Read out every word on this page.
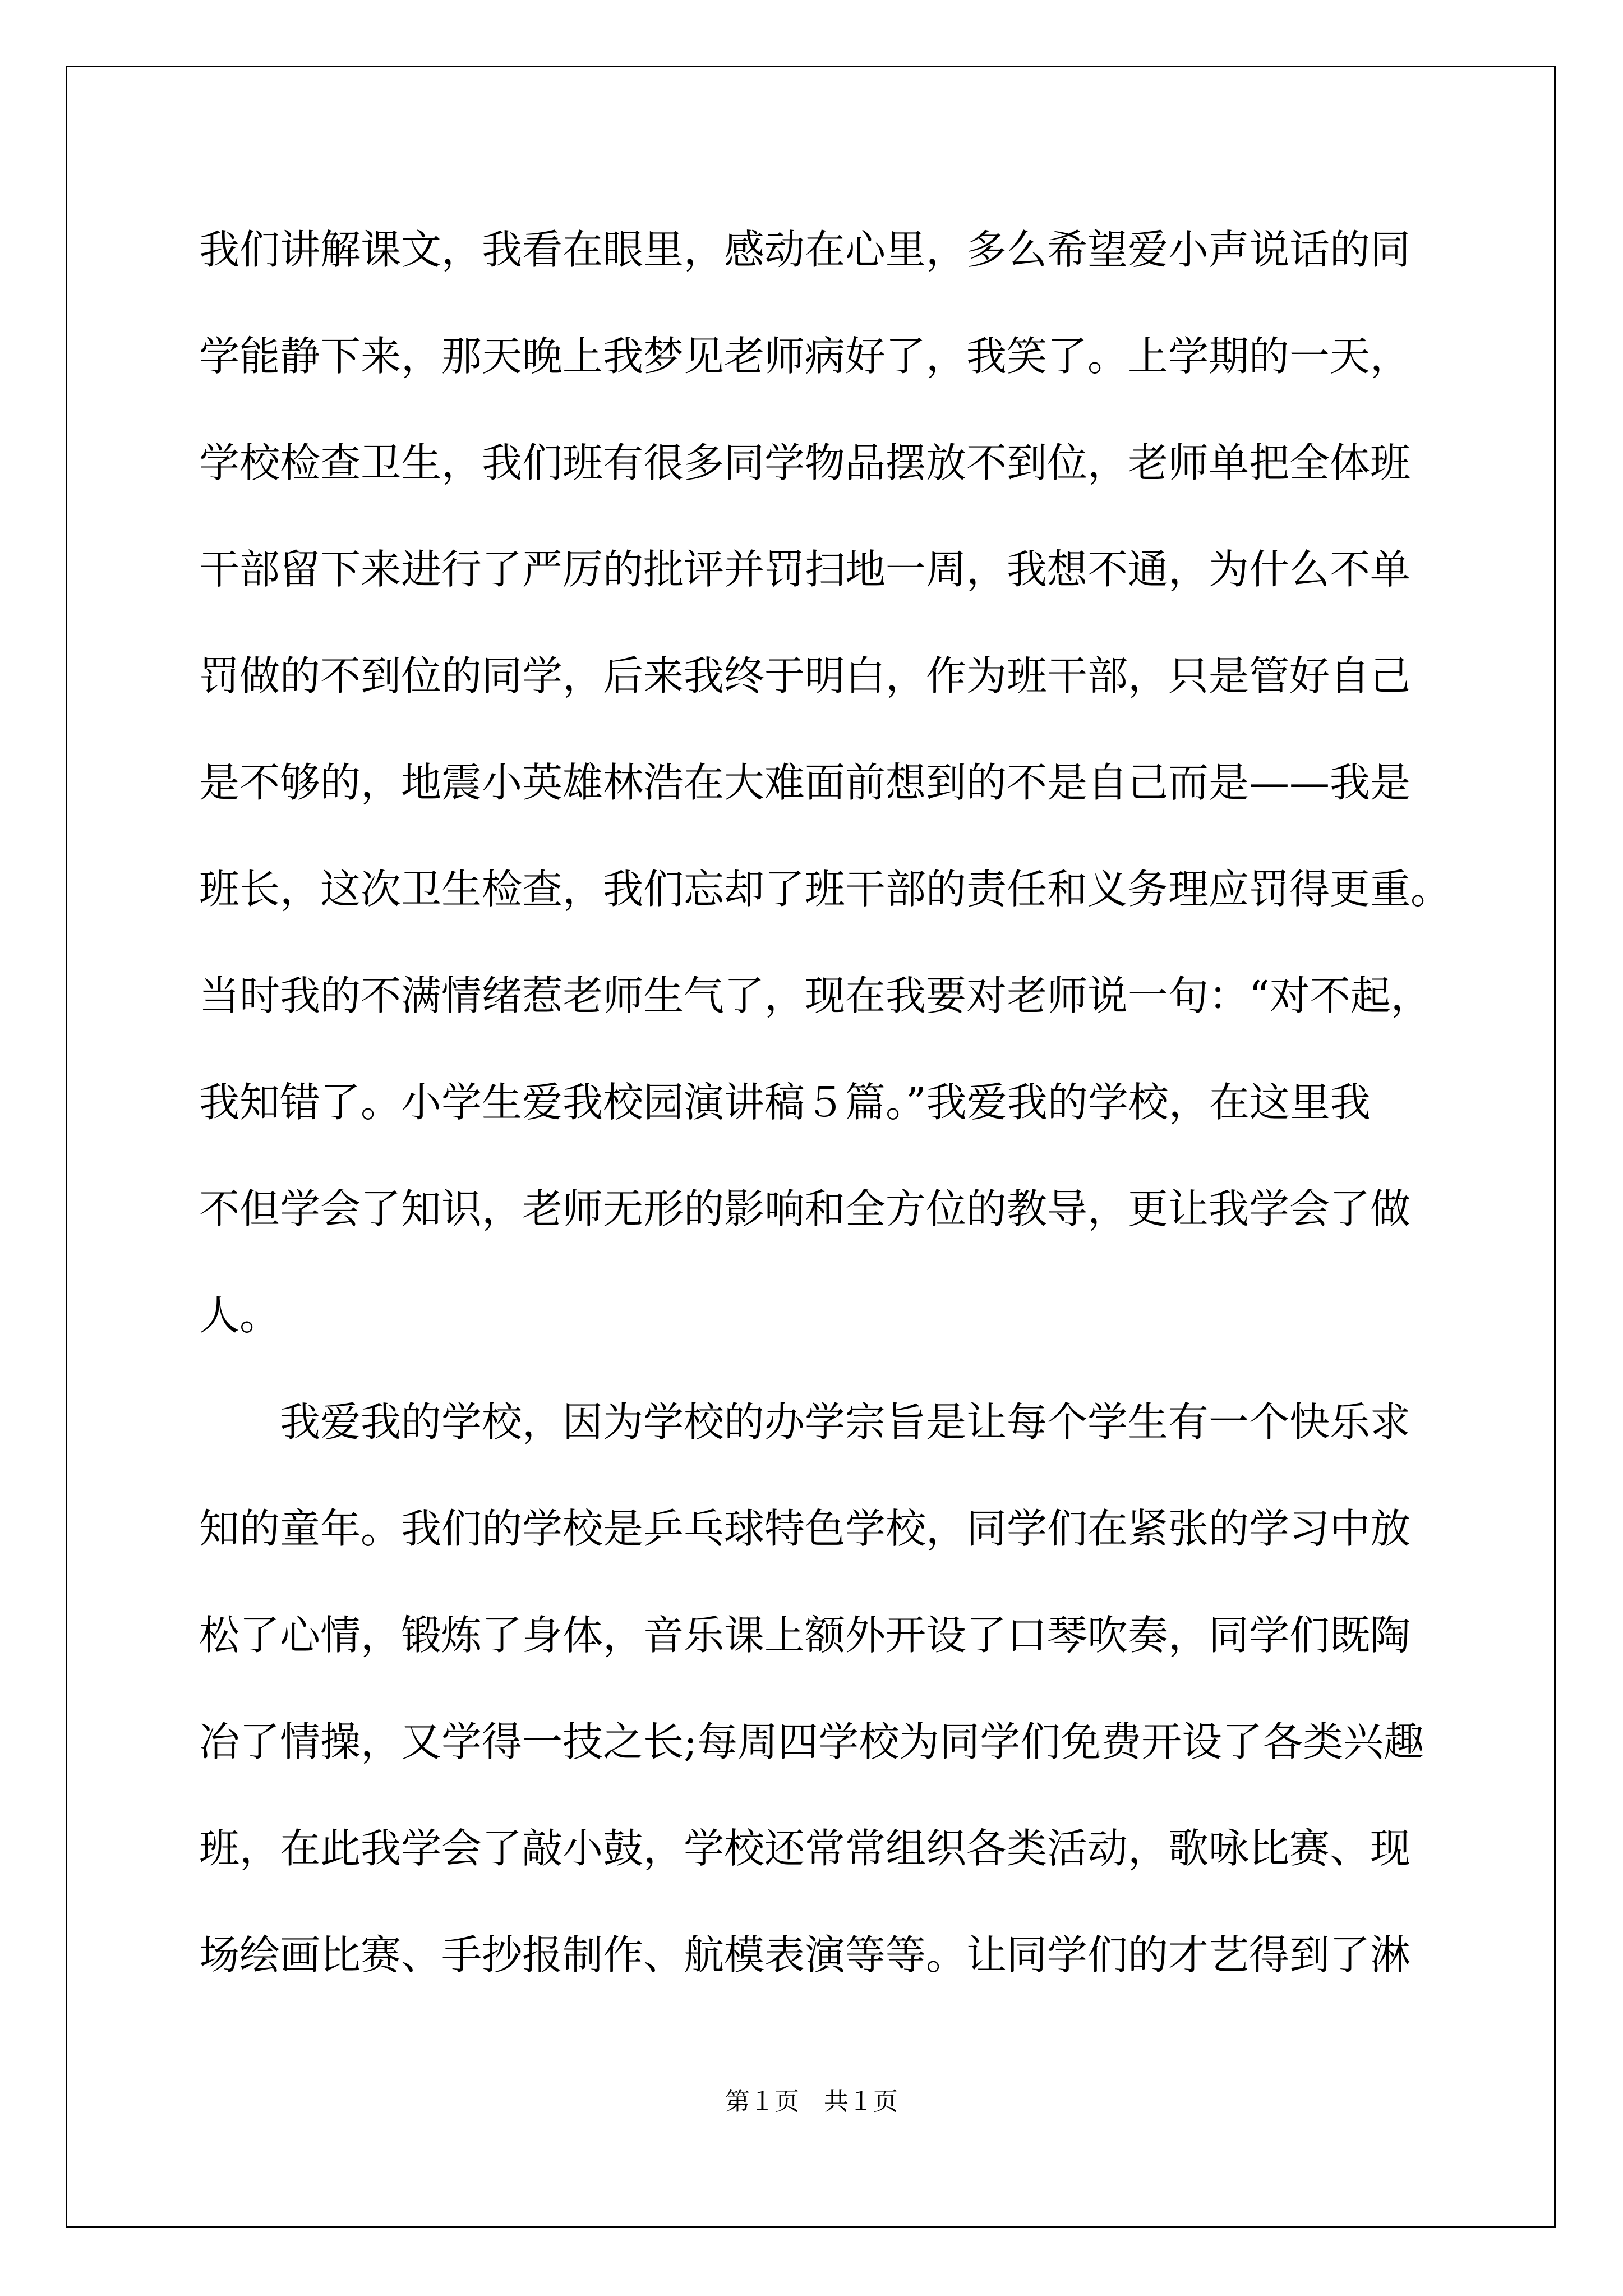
我们讲解课文，我看在眼里，感动在心里，多么希望爱小声说话的同
学能静下来，那天晚上我梦见老师病好了，我笑了。上学期的一天，
学校检查卫生，我们班有很多同学物品摆放不到位，老师单把全体班
干部留下来进行了严厉的批评并罚扫地一周，我想不通，为什么不单
罚做的不到位的同学，后来我终于明白，作为班干部，只是管好自己
是不够的，地震小英雄林浩在大难面前想到的不是自己而是——我是
班长，这次卫生检查，我们忘却了班干部的责任和义务理应罚得更重。
当时我的不满情绪惹老师生气了，现在我要对老师说一句：“对不起，
我知错了。小学生爱我校园演讲稿５篇。”我爱我的学校，在这里我
不但学会了知识，老师无形的影响和全方位的教导，更让我学会了做
人。
我爱我的学校，因为学校的办学宗旨是让每个学生有一个快乐求
知的童年。我们的学校是乒乓球特色学校，同学们在紧张的学习中放
松了心情，锻炼了身体，音乐课上额外开设了口琴吹奏，同学们既陶
冶了情操，又学得一技之长;每周四学校为同学们免费开设了各类兴趣
班，在此我学会了敲小鼓，学校还常常组织各类活动，歌咏比赛、现
场绘画比赛、手抄报制作、航模表演等等。让同学们的才艺得到了淋
第１页　共１页
